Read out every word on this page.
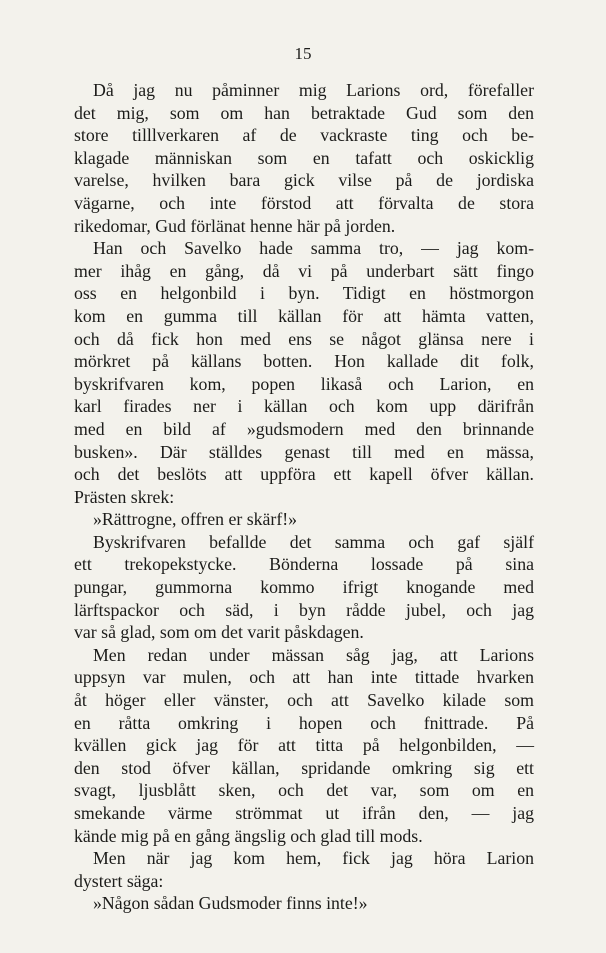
15
Då jag nu påminner mig Larions ord, förefaller
det mig, som om han betraktade Gud som den
store tilllverkaren af de vackraste ting och be-
klagade människan som en tafatt och oskicklig
varelse, hvilken bara gick vilse på de jordiska
vägarne, och inte förstod att förvalta de stora
rikedomar, Gud förlänat henne här på jorden.
Han och Savelko hade samma tro, — jag kom-
mer ihåg en gång, då vi på underbart sätt fingo
oss en helgonbild i byn. Tidigt en höstmorgon
kom en gumma till källan för att hämta vatten,
och då fick hon med ens se något glänsa nere i
mörkret på källans botten. Hon kallade dit folk,
byskrifvaren kom, popen likaså och Larion, en
karl firades ner i källan och kom upp därifrån
med en bild af »gudsmodern med den brinnande
busken». Där ställdes genast till med en mässa,
och det beslöts att uppföra ett kapell öfver källan.
Prästen skrek:
»Rättrogne, offren er skärf!»
Byskrifvaren befallde det samma och gaf själf
ett trekopekstycke. Bönderna lossade på sina
pungar, gummorna kommo ifrigt knogande med
lärftspackor och säd, i byn rådde jubel, och jag
var så glad, som om det varit påskdagen.
Men redan under mässan såg jag, att Larions
uppsyn var mulen, och att han inte tittade hvarken
åt höger eller vänster, och att Savelko kilade som
en råtta omkring i hopen och fnittrade. På
kvällen gick jag för att titta på helgonbilden, —
den stod öfver källan, spridande omkring sig ett
svagt, ljusblått sken, och det var, som om en
smekande värme strömmat ut ifrån den, — jag
kände mig på en gång ängslig och glad till mods.
Men när jag kom hem, fick jag höra Larion
dystert säga:
»Någon sådan Gudsmoder finns inte!»
